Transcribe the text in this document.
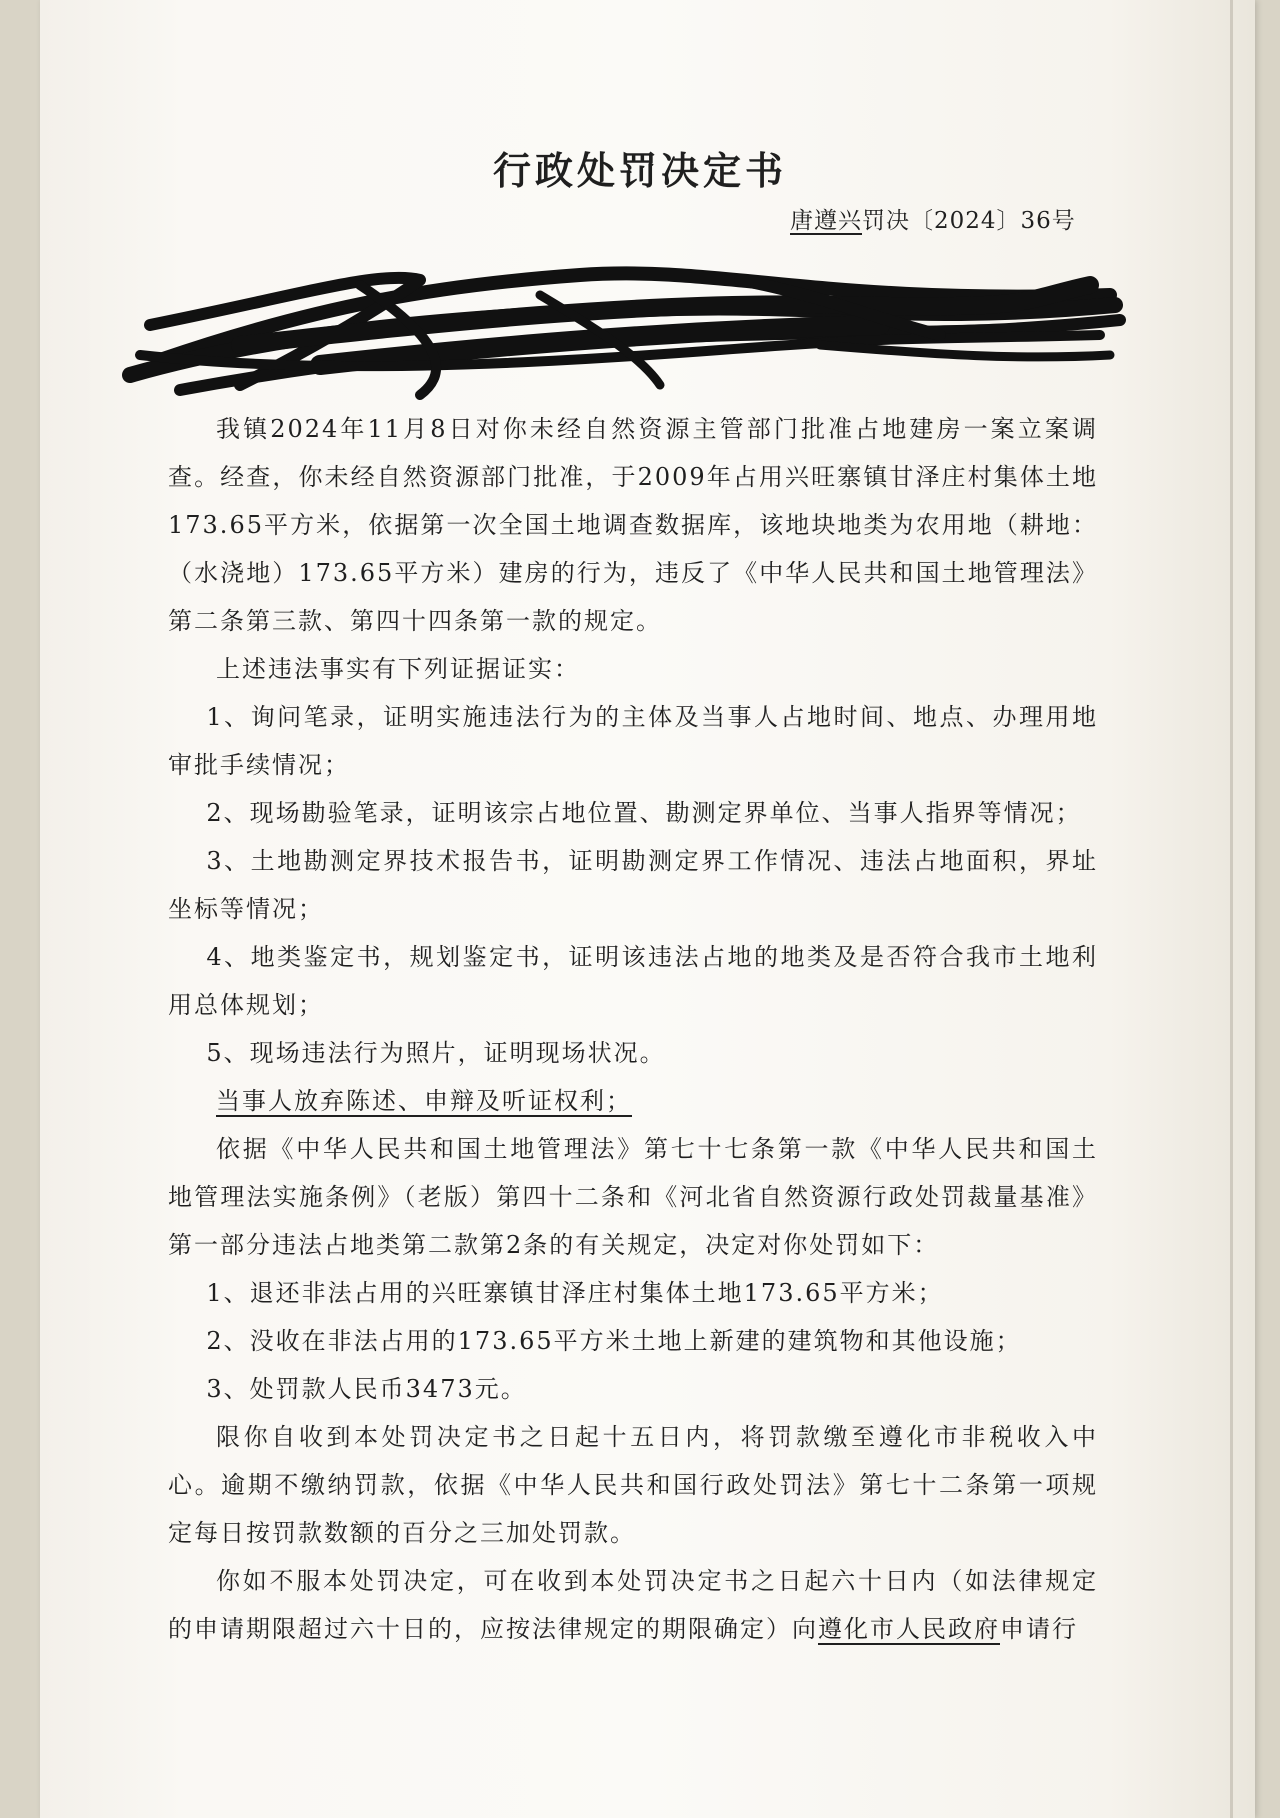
行政处罚决定书

唐遵兴罚决〔2024〕36号

我镇2024年11月8日对你未经自然资源主管部门批准占地建房一案立案调查。经查，你未经自然资源部门批准，于2009年占用兴旺寨镇甘泽庄村集体土地173.65平方米，依据第一次全国土地调查数据库，该地块地类为农用地（耕地：（水浇地）173.65平方米）建房的行为，违反了《中华人民共和国土地管理法》第二条第三款、第四十四条第一款的规定。

上述违法事实有下列证据证实：

1、询问笔录，证明实施违法行为的主体及当事人占地时间、地点、办理用地审批手续情况；

2、现场勘验笔录，证明该宗占地位置、勘测定界单位、当事人指界等情况；

3、土地勘测定界技术报告书，证明勘测定界工作情况、违法占地面积，界址坐标等情况；

4、地类鉴定书，规划鉴定书，证明该违法占地的地类及是否符合我市土地利用总体规划；

5、现场违法行为照片，证明现场状况。

当事人放弃陈述、申辩及听证权利；

依据《中华人民共和国土地管理法》第七十七条第一款《中华人民共和国土地管理法实施条例》（老版）第四十二条和《河北省自然资源行政处罚裁量基准》第一部分违法占地类第二款第2条的有关规定，决定对你处罚如下：

1、退还非法占用的兴旺寨镇甘泽庄村集体土地173.65平方米；

2、没收在非法占用的173.65平方米土地上新建的建筑物和其他设施；

3、处罚款人民币3473元。

限你自收到本处罚决定书之日起十五日内，将罚款缴至遵化市非税收入中心。逾期不缴纳罚款，依据《中华人民共和国行政处罚法》第七十二条第一项规定每日按罚款数额的百分之三加处罚款。

你如不服本处罚决定，可在收到本处罚决定书之日起六十日内（如法律规定的申请期限超过六十日的，应按法律规定的期限确定）向遵化市人民政府申请行
